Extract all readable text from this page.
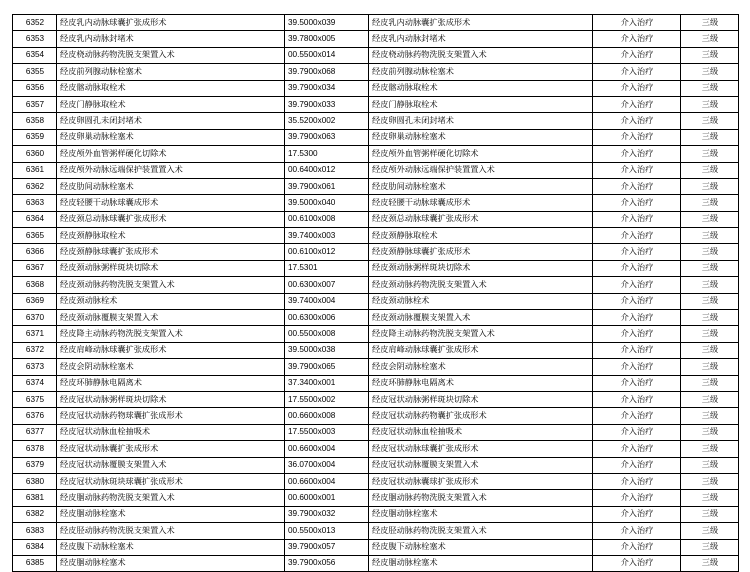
6352	经皮乳内动脉球囊扩张成形术	39.5000x039	经皮乳内动脉囊扩张成形术	介入治疗	三级
6353	经皮乳内动脉封堵术	39.7800x005	经皮乳内动脉封堵术	介入治疗	三级
6354	经皮桡动脉药物洗脱支架置入术	00.5500x014	经皮桡动脉药物洗脱支架置入术	介入治疗	三级
6355	经皮前列腺动脉栓塞术	39.7900x068	经皮前列腺动脉栓塞术	介入治疗	三级
6356	经皮髂动脉取栓术	39.7900x034	经皮髂动脉取栓术	介入治疗	三级
6357	经皮门静脉取栓术	39.7900x033	经皮门静脉取栓术	介入治疗	三级
6358	经皮卵圆孔未闭封堵术	35.5200x002	经皮卵圆孔未闭封堵术	介入治疗	三级
6359	经皮卵巢动脉栓塞术	39.7900x063	经皮卵巢动脉栓塞术	介入治疗	三级
6360	经皮颅外血管粥样硬化切除术	17.5300	经皮颅外血管粥样硬化切除术	介入治疗	三级
6361	经皮颅外动脉远端保护装置置入术	00.6400x012	经皮颅外动脉远端保护装置置入术	介入治疗	三级
6362	经皮肋间动脉栓塞术	39.7900x061	经皮肋间动脉栓塞术	介入治疗	三级
6363	经皮轻腰干动脉球囊成形术	39.5000x040	经皮轻腰干动脉球囊成形术	介入治疗	三级
6364	经皮颈总动脉球囊扩张成形术	00.6100x008	经皮颈总动脉球囊扩张成形术	介入治疗	三级
6365	经皮颈静脉取栓术	39.7400x003	经皮颈静脉取栓术	介入治疗	三级
6366	经皮颈静脉球囊扩张成形术	00.6100x012	经皮颈静脉球囊扩张成形术	介入治疗	三级
6367	经皮颈动脉粥样斑块切除术	17.5301	经皮颈动脉粥样斑块切除术	介入治疗	三级
6368	经皮颈动脉药物洗脱支架置入术	00.6300x007	经皮颈动脉药物洗脱支架置入术	介入治疗	三级
6369	经皮颈动脉栓术	39.7400x004	经皮颈动脉栓术	介入治疗	三级
6370	经皮颈动脉覆膜支架置入术	00.6300x006	经皮颈动脉覆膜支架置入术	介入治疗	三级
6371	经皮降主动脉药物洗脱支架置入术	00.5500x008	经皮降主动脉药物洗脱支架置入术	介入治疗	三级
6372	经皮肩峰动脉球囊扩张成形术	39.5000x038	经皮肩峰动脉球囊扩张成形术	介入治疗	三级
6373	经皮会阴动脉栓塞术	39.7900x065	经皮会阴动脉栓塞术	介入治疗	三级
6374	经皮环肺静脉电隔离术	37.3400x001	经皮环肺静脉电隔离术	介入治疗	三级
6375	经皮冠状动脉粥样斑块切除术	17.5500x002	经皮冠状动脉粥样斑块切除术	介入治疗	三级
6376	经皮冠状动脉药物球囊扩张成形术	00.6600x008	经皮冠状动脉药物囊扩张成形术	介入治疗	三级
6377	经皮冠状动脉血栓抽吸术	17.5500x003	经皮冠状动脉血栓抽吸术	介入治疗	三级
6378	经皮冠状动脉囊扩张成形术	00.6600x004	经皮冠状动脉球囊扩张成形术	介入治疗	三级
6379	经皮冠状动脉覆膜支架置入术	36.0700x004	经皮冠状动脉覆膜支架置入术	介入治疗	三级
6380	经皮冠状动脉斑块球囊扩张成形术	00.6600x004	经皮冠状动脉囊球扩张成形术	介入治疗	三级
6381	经皮腘动脉药物洗脱支架置入术	00.6000x001	经皮腘动脉药物洗脱支架置入术	介入治疗	三级
6382	经皮腘动脉栓塞术	39.7900x032	经皮腘动脉栓塞术	介入治疗	三级
6383	经皮胫动脉药物洗脱支架置入术	00.5500x013	经皮胫动脉药物洗脱支架置入术	介入治疗	三级
6384	经皮腹下动脉栓塞术	39.7900x057	经皮腹下动脉栓塞术	介入治疗	三级
6385	经皮腘动脉栓塞术	39.7900x056	经皮腘动脉栓塞术	介入治疗	三级
